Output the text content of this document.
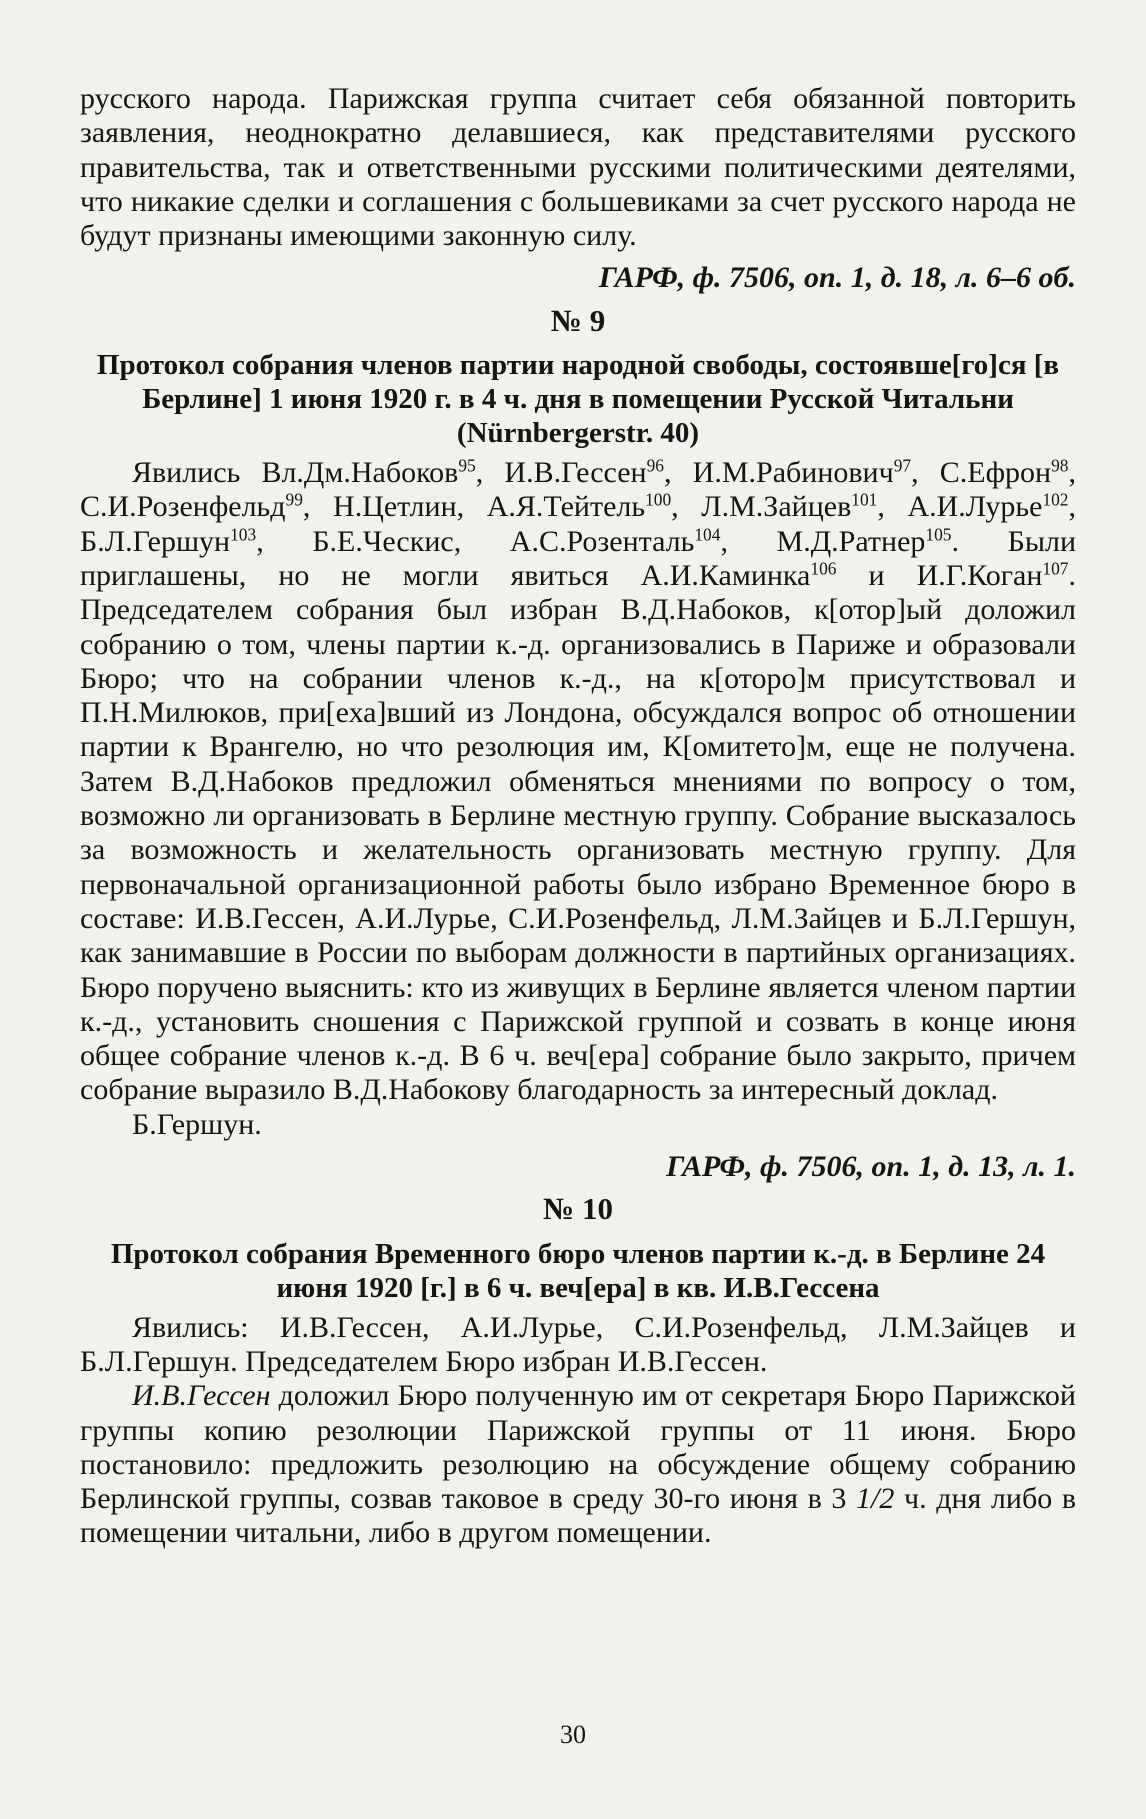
русского народа. Парижская группа считает себя обязанной повторить заявления, неоднократно делавшиеся, как представителями русского правительства, так и ответственными русскими политическими деятелями, что никакие сделки и соглашения с большевиками за счет русского народа не будут признаны имеющими законную силу.

ГАРФ, ф. 7506, оп. 1, д. 18, л. 6–6 об.

№ 9
Протокол собрания членов партии народной свободы, состоявше[го]ся [в Берлине] 1 июня 1920 г. в 4 ч. дня в помещении Русской Читальни (Nürnbergerstr. 40)

Явились Вл.Дм.Набоков$^{95}$, И.В.Гессен$^{96}$, И.М.Рабинович$^{97}$, С.Ефрон$^{98}$, С.И.Розенфельд$^{99}$, Н.Цетлин, А.Я.Тейтель$^{100}$, Л.М.Зайцев$^{101}$, А.И.Лурье$^{102}$, Б.Л.Гершун$^{103}$, Б.Е.Ческис, А.С.Розенталь$^{104}$, М.Д.Ратнер$^{105}$. Были приглашены, но не могли явиться А.И.Каминка$^{106}$ и И.Г.Коган$^{107}$. Председателем собрания был избран В.Д.Набоков, к[отор]ый доложил собранию о том, члены партии к.-д. организовались в Париже и образовали Бюро; что на собрании членов к.-д., на к[оторо]м присутствовал и П.Н.Милюков, при[еха]вший из Лондона, обсуждался вопрос об отношении партии к Врангелю, но что резолюция им, К[омитето]м, еще не получена. Затем В.Д.Набоков предложил обменяться мнениями по вопросу о том, возможно ли организовать в Берлине местную группу. Собрание высказалось за возможность и желательность организовать местную группу. Для первоначальной организационной работы было избрано Временное бюро в составе: И.В.Гессен, А.И.Лурье, С.И.Розенфельд, Л.М.Зайцев и Б.Л.Гершун, как занимавшие в России по выборам должности в партийных организациях. Бюро поручено выяснить: кто из живущих в Берлине является членом партии к.-д., установить сношения с Парижской группой и созвать в конце июня общее собрание членов к.-д. В 6 ч. веч[ера] собрание было закрыто, причем собрание выразило В.Д.Набокову благодарность за интересный доклад.

Б.Гершун.

ГАРФ, ф. 7506, оп. 1, д. 13, л. 1.

№ 10
Протокол собрания Временного бюро членов партии к.-д. в Берлине 24 июня 1920 [г.] в 6 ч. веч[ера] в кв. И.В.Гессена

Явились: И.В.Гессен, А.И.Лурье, С.И.Розенфельд, Л.М.Зайцев и Б.Л.Гершун. Председателем Бюро избран И.В.Гессен.

И.В.Гессен доложил Бюро полученную им от секретаря Бюро Парижской группы копию резолюции Парижской группы от 11 июня. Бюро постановило: предложить резолюцию на обсуждение общему собранию Берлинской группы, созвав таковое в среду 30-го июня в 3 1/2 ч. дня либо в помещении читальни, либо в другом помещении.

30
